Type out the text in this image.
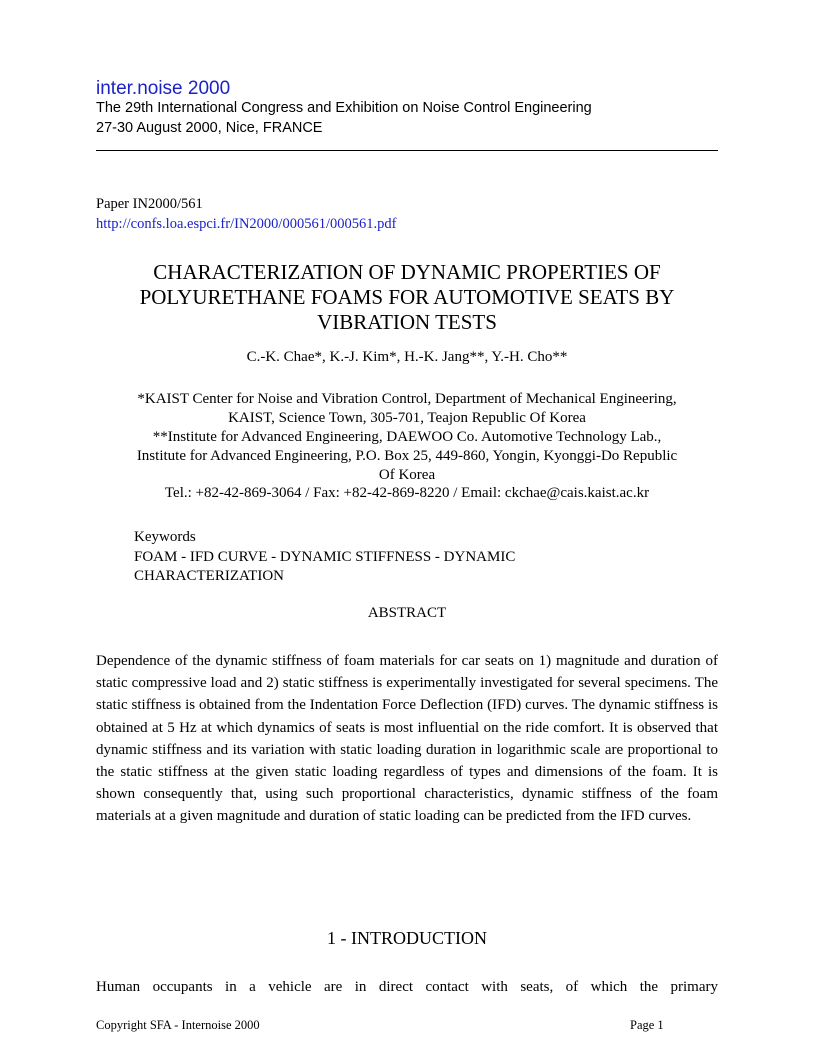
inter.noise 2000
The 29th International Congress and Exhibition on Noise Control Engineering
27-30 August 2000, Nice, FRANCE
Paper IN2000/561
http://confs.loa.espci.fr/IN2000/000561/000561.pdf
CHARACTERIZATION OF DYNAMIC PROPERTIES OF
POLYURETHANE FOAMS FOR AUTOMOTIVE SEATS BY
VIBRATION TESTS
C.-K. Chae*, K.-J. Kim*, H.-K. Jang**, Y.-H. Cho**
*KAIST Center for Noise and Vibration Control, Department of Mechanical Engineering,
KAIST, Science Town, 305-701, Teajon Republic Of Korea
**Institute for Advanced Engineering, DAEWOO Co. Automotive Technology Lab.,
Institute for Advanced Engineering, P.O. Box 25, 449-860, Yongin, Kyonggi-Do Republic
Of Korea
Tel.: +82-42-869-3064 / Fax: +82-42-869-8220 / Email: ckchae@cais.kaist.ac.kr
Keywords
FOAM - IFD CURVE - DYNAMIC STIFFNESS - DYNAMIC CHARACTERIZATION
ABSTRACT
Dependence of the dynamic stiffness of foam materials for car seats on 1) magnitude and duration of static compressive load and 2) static stiffness is experimentally investigated for several specimens. The static stiffness is obtained from the Indentation Force Deflection (IFD) curves. The dynamic stiffness is obtained at 5 Hz at which dynamics of seats is most influential on the ride comfort. It is observed that dynamic stiffness and its variation with static loading duration in logarithmic scale are proportional to the static stiffness at the given static loading regardless of types and dimensions of the foam. It is shown consequently that, using such proportional characteristics, dynamic stiffness of the foam materials at a given magnitude and duration of static loading can be predicted from the IFD curves.
1 - INTRODUCTION
Human occupants in a vehicle are in direct contact with seats, of which the primary
Copyright SFA - Internoise 2000	Page 1
